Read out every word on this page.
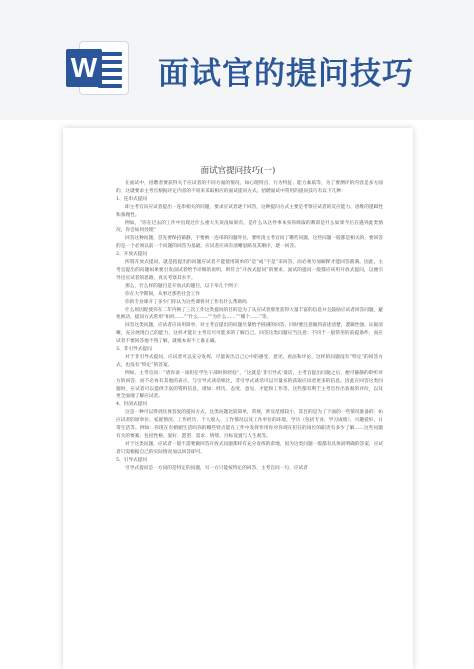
W 面试官的提问技巧
面试官提问技巧(一)

在面试中，招聘者要获得关于应试者的不同方面的情况，如心理特点、行为特征、能力素质等，为了要测评的内容是多方面的，这就要求主考官根据评定内容的不同来采取相应的面试提问方式。招聘面试中常用的提问技巧有以下几种：

1、连串式提问

即主考官向应试者提出一连串相关的问题，要求应试者逐个回答，这种提问方式主要是考察应试者的反应能力、思维的逻辑性和条理性。

例如，“你在过去的工作中出现过什么重大失误没如果有，是什么从这件事本身你吸取的教训是什么如果今后在遇到此类情况，你会如何处理”

回答这种问题，首先要保持镇静，不要被一连串的问题吓住，要听清主考官问了哪些问题，这些问题一般都是相关的，要回答的是一个必须以前一个问题的回答为基础，应试者应该有清晰思路及其顺序，逐一回答。

2、开放式提问

所谓开放式提问，就是指提出的问题应试者不能使用简单的“是”或“不是”来回答，而必须另加解释才能回答圆满。因此，主考官提出的问题如果要引发面试者给予详细的说明，则符合“开放式提问”的要求，面试的提问一般都应该用开放式提问，以便引导出应试者的思路，真实考察其水平。

那么，什么样的题目是开放式的题目，以下举几个例子：

你在大学期间，从事过那些社会工作

你的专业课开了多少门你认为这些课将对工作有什么帮助吗

什么原因促使你在二年内换了三次工作这类提问的目的是为了从应试者那里获得大量丰富的信息并且鼓励应试者回答问题，避免被动，提问方式常用“如何……”“什么……”“为什么……”“哪个……”等。

回答这类问题，应试者应该用简单、对主考官提出的问题尽量给予圆满的回答，同时要注意做到表述清楚，逻辑性强，证据清晰，充分展现自己的能力，这样才能让主考官尽可能多的了解自己，回答这类问题应当注意：不同于一般常用的前提条件，而应试者不要回答他不熟了解，就根本说不上谁正确。

3、非引导式提问

对于非引导式提问，应试者可以充分发挥，尽量说出自己心中的感受、意见、看法和评论，这样的问题没有“特定”的回答方式，也没有“特定”的答案。

例如，主考官问：“请你谈一谈担任学生干部时的经验”、“这就是‘非引导式’谈话，主考官提出问题之后，便可静静的聆听对方的回答，而不必再有其他的表示，与引导式谈话相比，非引导式谈话可以尽量多的获取应试者更多的信息。因此在回答这类问题时，应试者可以提供丰富的资料信息，诸如：经历、态度、意见、才能和工作等，这些都有利于主考官作出客观的评价，以及更全面地了解应试者。

4、封闭式提问

这是一种可以得到具体答复的提问方式，这类问题比较简单，常规，涉及范围较小，其目的是为了下面的一些情况准备的：如应试者的原单位、家庭情况、工作经历、个人收入、工作情况以及工作单位的环境、学历（包括专业、学习成绩）、兴趣爱好、日常生活等。例如：你现在有婚姻生活吗你的哪些特点能在工作中发挥作用你对你现在担任的岗位的职责有多少了解……这些问题有关的要素：包括性格、爱好、愿望、需求、情绪、目标设置与人生观等。

对于这类问题，应试者一般不需要做回答开放式问题那样有充分发挥的余地，因为这类问题一般都有具体而明确的答案，应试者只需根据自己的实际情况加以回答即可。

5、引导式提问

引导式提问是一方问的是特定的问题，另一方只能按特定的回答，主考官问一句，应试者
